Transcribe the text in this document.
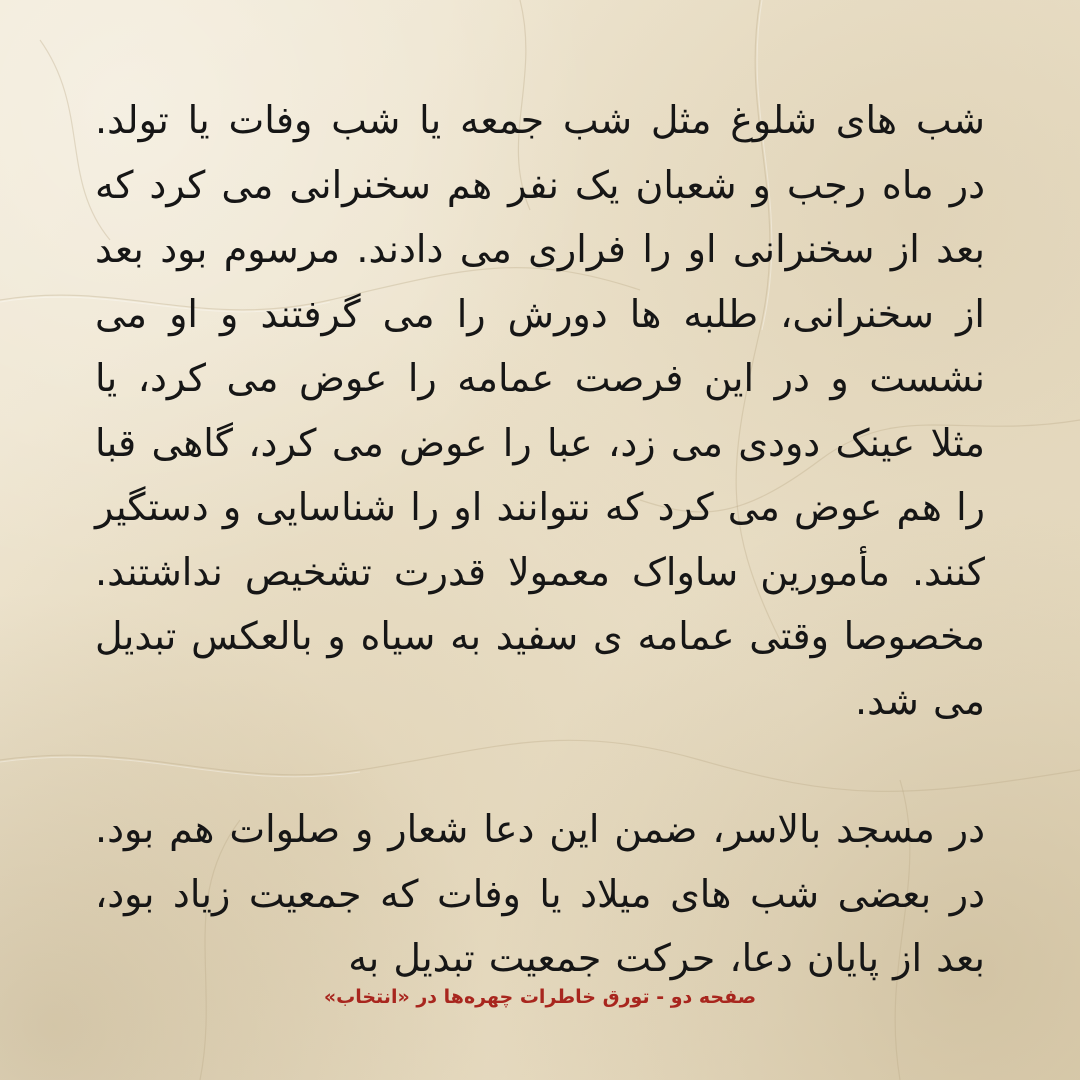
شب های شلوغ مثل شب جمعه یا شب وفات یا تولد. در ماه رجب و شعبان یک نفر هم سخنرانی می کرد که بعد از سخنرانی او را فراری می دادند. مرسوم بود بعد از سخنرانی، طلبه ها دورش را می گرفتند و او می نشست و در این فرصت عمامه را عوض می کرد، یا مثلا عینک دودی می زد، عبا را عوض می کرد، گاهی قبا را هم عوض می کرد که نتوانند او را شناسایی و دستگیر کنند. مأمورین ساواک معمولا قدرت تشخیص نداشتند. مخصوصا وقتی عمامه ی سفید به سیاه و بالعکس تبدیل می شد.

در مسجد بالاسر، ضمن این دعا شعار و صلوات هم بود. در بعضی شب های میلاد یا وفات که جمعیت زیاد بود، بعد از پایان دعا، حرکت جمعیت تبدیل به

صفحه دو - تورق خاطرات چهره‌ها در «انتخاب»
